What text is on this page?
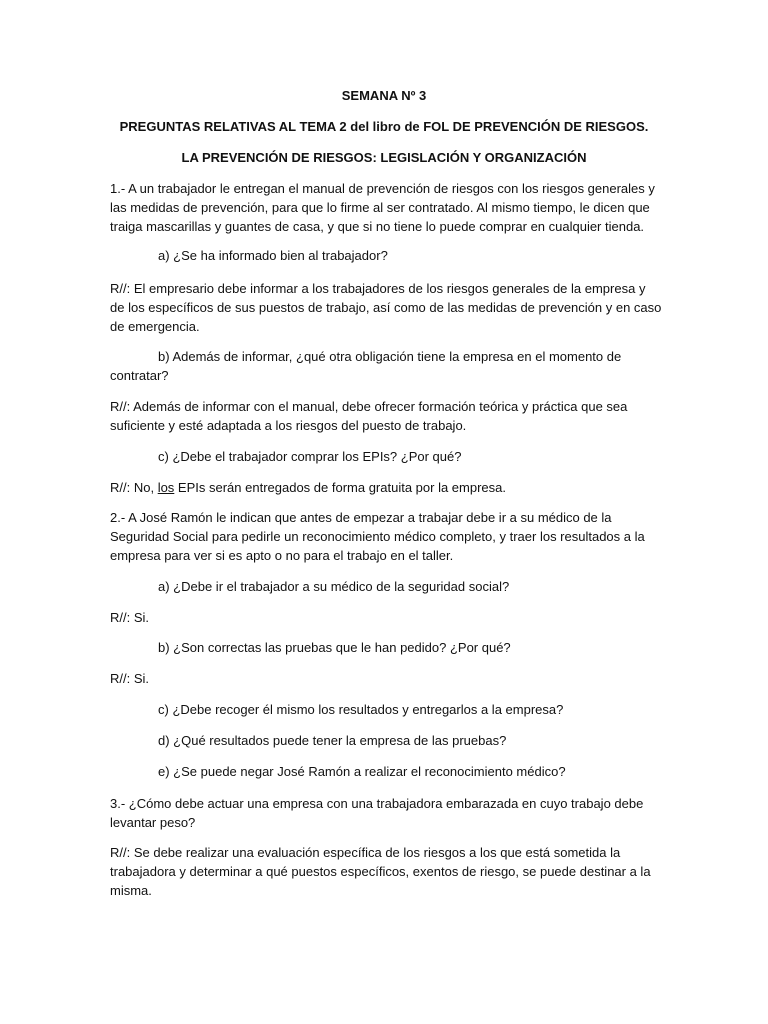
SEMANA Nº 3
PREGUNTAS RELATIVAS AL TEMA 2 del libro de FOL DE PREVENCIÓN DE RIESGOS.
LA PREVENCIÓN DE RIESGOS: LEGISLACIÓN Y ORGANIZACIÓN
1.- A un trabajador le entregan el manual de prevención de riesgos con los riesgos generales y
las medidas de prevención, para que lo firme al ser contratado. Al mismo tiempo, le dicen que
traiga mascarillas y guantes de casa, y que si no tiene lo puede comprar en cualquier tienda.
a) ¿Se ha informado bien al trabajador?
R//: El empresario debe informar a los trabajadores de los riesgos generales de la empresa y
de los específicos de sus puestos de trabajo, así como de las medidas de prevención y en caso
de emergencia.
b) Además de informar, ¿qué otra obligación tiene la empresa en el momento de
contratar?
R//: Además de informar con el manual, debe ofrecer formación teórica y práctica que sea
suficiente y esté adaptada a los riesgos del puesto de trabajo.
c) ¿Debe el trabajador comprar los EPIs? ¿Por qué?
R//: No, los EPIs serán entregados de forma gratuita por la empresa.
2.- A José Ramón le indican que antes de empezar a trabajar debe ir a su médico de la
Seguridad Social para pedirle un reconocimiento médico completo, y traer los resultados a la
empresa para ver si es apto o no para el trabajo en el taller.
a) ¿Debe ir el trabajador a su médico de la seguridad social?
R//: Si.
b) ¿Son correctas las pruebas que le han pedido? ¿Por qué?
R//: Si.
c) ¿Debe recoger él mismo los resultados y entregarlos a la empresa?
d) ¿Qué resultados puede tener la empresa de las pruebas?
e) ¿Se puede negar José Ramón a realizar el reconocimiento médico?
3.- ¿Cómo debe actuar una empresa con una trabajadora embarazada en cuyo trabajo debe
levantar peso?
R//: Se debe realizar una evaluación específica de los riesgos a los que está sometida la
trabajadora y determinar a qué puestos específicos, exentos de riesgo, se puede destinar a la
misma.
